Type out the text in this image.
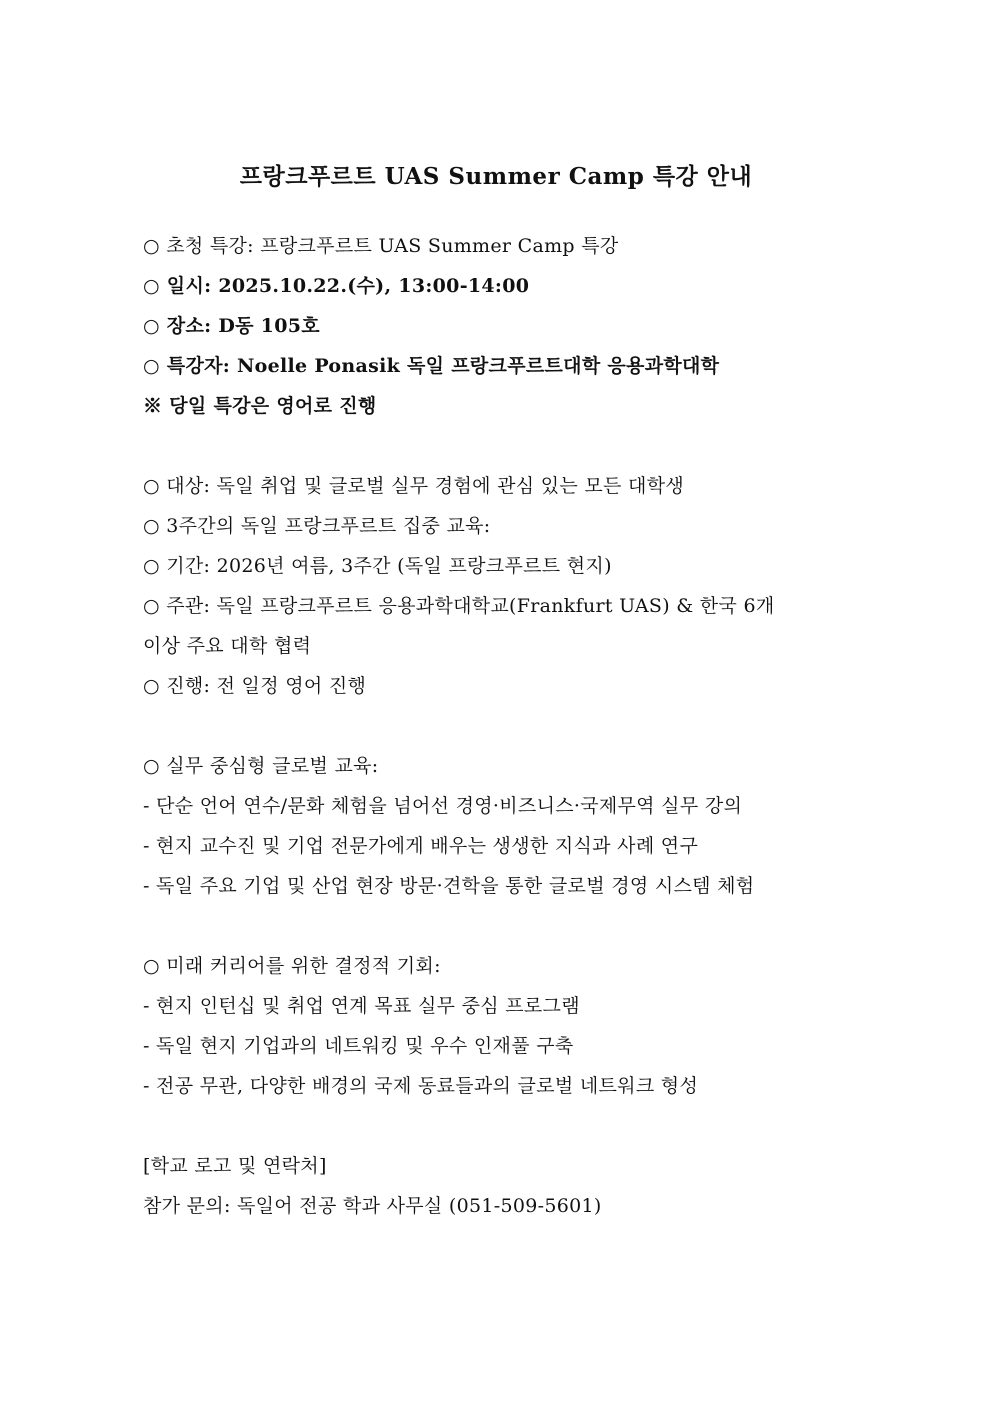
프랑크푸르트 UAS Summer Camp 특강 안내
○ 초청 특강: 프랑크푸르트 UAS Summer Camp 특강
○ 일시: 2025.10.22.(수), 13:00-14:00
○ 장소: D동 105호
○ 특강자: Noelle Ponasik 독일 프랑크푸르트대학 응용과학대학
※ 당일 특강은 영어로 진행
○ 대상: 독일 취업 및 글로벌 실무 경험에 관심 있는 모든 대학생
○ 3주간의 독일 프랑크푸르트 집중 교육:
○ 기간: 2026년 여름, 3주간 (독일 프랑크푸르트 현지)
○ 주관: 독일 프랑크푸르트 응용과학대학교(Frankfurt UAS) & 한국 6개
이상 주요 대학 협력
○ 진행: 전 일정 영어 진행
○ 실무 중심형 글로벌 교육:
- 단순 언어 연수/문화 체험을 넘어선 경영·비즈니스·국제무역 실무 강의
- 현지 교수진 및 기업 전문가에게 배우는 생생한 지식과 사례 연구
- 독일 주요 기업 및 산업 현장 방문·견학을 통한 글로벌 경영 시스템 체험
○ 미래 커리어를 위한 결정적 기회:
- 현지 인턴십 및 취업 연계 목표 실무 중심 프로그램
- 독일 현지 기업과의 네트워킹 및 우수 인재풀 구축
- 전공 무관, 다양한 배경의 국제 동료들과의 글로벌 네트워크 형성
[학교 로고 및 연락처]
참가 문의: 독일어 전공 학과 사무실 (051-509-5601)
